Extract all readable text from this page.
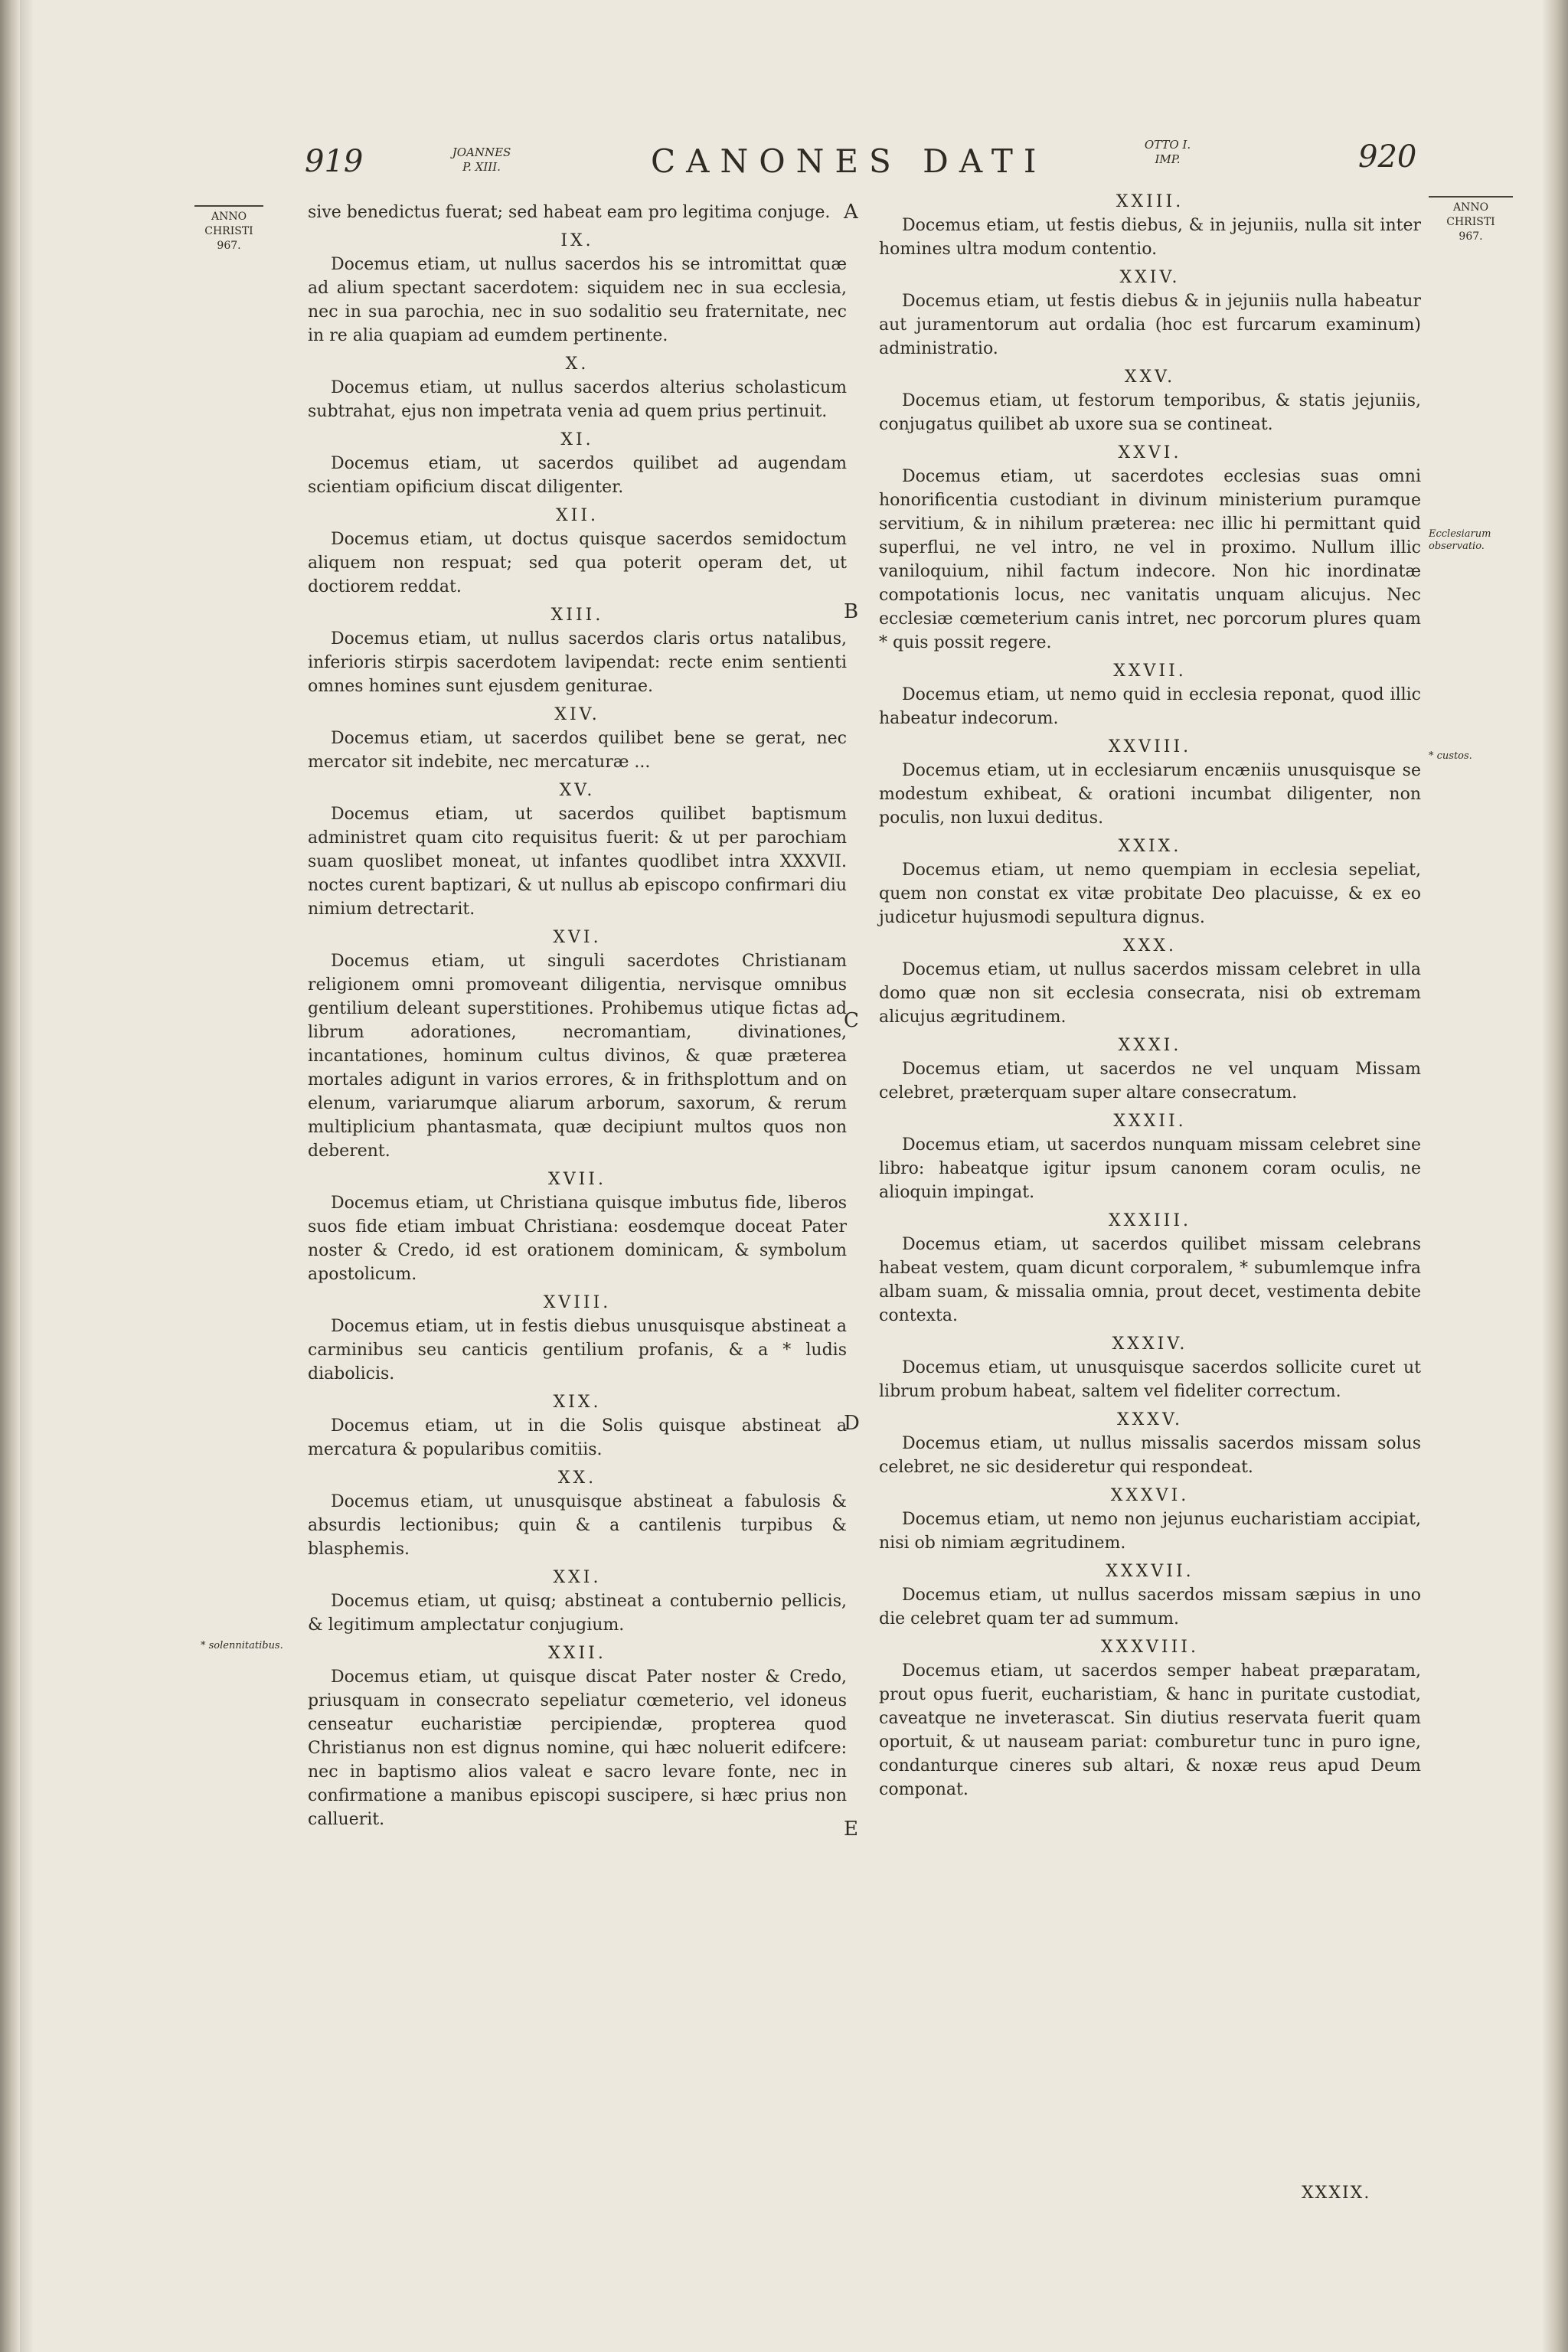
919	JOANNES
P. XIII.	CANONES DATI	OTTO I.
IMP.	920
ANNO
CHRISTI
967.
ANNO
CHRISTI
967.

sive benedictus fuerat; sed habeat eam pro legitima conjuge.

IX.

Docemus etiam, ut nullus sacerdos his se intromittat quæ ad alium spectant sacerdotem: siquidem nec in sua ecclesia, nec in sua parochia, nec in suo sodalitio seu fraternitate, nec in re alia quapiam ad eumdem pertinente.

X.

Docemus etiam, ut nullus sacerdos alterius scholasticum subtrahat, ejus non impetrata venia ad quem prius pertinuit.

XI.

Docemus etiam, ut sacerdos quilibet ad augendam scientiam opificium discat diligenter.

XII.

Docemus etiam, ut doctus quisque sacerdos semidoctum aliquem non respuat; sed qua poterit operam det, ut doctiorem reddat.

XIII.

Docemus etiam, ut nullus sacerdos claris ortus natalibus, inferioris stirpis sacerdotem lavipendat: recte enim sentienti omnes homines sunt ejusdem geniturae.

XIV.

Docemus etiam, ut sacerdos quilibet bene se gerat, nec mercator sit indebite, nec mercaturæ ...

XV.

Docemus etiam, ut sacerdos quilibet baptismum administret quam cito requisitus fuerit: & ut per parochiam suam quoslibet moneat, ut infantes quodlibet intra XXXVII. noctes curent baptizari, & ut nullus ab episcopo confirmari diu nimium detrectarit.

XVI.

Docemus etiam, ut singuli sacerdotes Christianam religionem omni promoveant diligentia, nervisque omnibus gentilium deleant superstitiones. Prohibemus utique fictas ad librum adorationes, necromantiam, divinationes, incantationes, hominum cultus divinos, & quæ præterea mortales adigunt in varios errores, & in frithsplottum and on elenum, variarumque aliarum arborum, saxorum, & rerum multiplicium phantasmata, quæ decipiunt multos quos non deberent.

XVII.

Docemus etiam, ut Christiana quisque imbutus fide, liberos suos fide etiam imbuat Christiana: eosdemque doceat Pater noster & Credo, id est orationem dominicam, & symbolum apostolicum.

XVIII.

Docemus etiam, ut in festis diebus unusquisque abstineat a carminibus seu canticis gentilium profanis, & a * ludis diabolicis.

XIX.

Docemus etiam, ut in die Solis quisque abstineat a mercatura & popularibus comitiis.

XX.

Docemus etiam, ut unusquisque abstineat a fabulosis & absurdis lectionibus; quin & a cantilenis turpibus & blasphemis.

XXI.

Docemus etiam, ut quisq; abstineat a contubernio pellicis, & legitimum amplectatur conjugium.

XXII.

Docemus etiam, ut quisque discat Pater noster & Credo, priusquam in consecrato sepeliatur cœmeterio, vel idoneus censeatur eucharistiæ percipiendæ, propterea quod Christianus non est dignus nomine, qui hæc noluerit edifcere: nec in baptismo alios valeat e sacro levare fonte, nec in confirmatione a manibus episcopi suscipere, si hæc prius non calluerit.

XXIII.

Docemus etiam, ut festis diebus, & in jejuniis, nulla sit inter homines ultra modum contentio.

XXIV.

Docemus etiam, ut festis diebus & in jejuniis nulla habeatur aut juramentorum aut ordalia (hoc est furcarum examinum) administratio.

XXV.

Docemus etiam, ut festorum temporibus, & statis jejuniis, conjugatus quilibet ab uxore sua se contineat.

XXVI.

Docemus etiam, ut sacerdotes ecclesias suas omni honorificentia custodiant in divinum ministerium puramque servitium, & in nihilum præterea: nec illic hi permittant quid superflui, ne vel intro, ne vel in proximo. Nullum illic vaniloquium, nihil factum indecore. Non hic inordinatæ compotationis locus, nec vanitatis unquam alicujus. Nec ecclesiæ cœmeterium canis intret, nec porcorum plures quam * quis possit regere.

XXVII.

Docemus etiam, ut nemo quid in ecclesia reponat, quod illic habeatur indecorum.

XXVIII.

Docemus etiam, ut in ecclesiarum encæniis unusquisque se modestum exhibeat, & orationi incumbat diligenter, non poculis, non luxui deditus.

XXIX.

Docemus etiam, ut nemo quempiam in ecclesia sepeliat, quem non constat ex vitæ probitate Deo placuisse, & ex eo judicetur hujusmodi sepultura dignus.

XXX.

Docemus etiam, ut nullus sacerdos missam celebret in ulla domo quæ non sit ecclesia consecrata, nisi ob extremam alicujus ægritudinem.

XXXI.

Docemus etiam, ut sacerdos ne vel unquam Missam celebret, præterquam super altare consecratum.

XXXII.

Docemus etiam, ut sacerdos nunquam missam celebret sine libro: habeatque igitur ipsum canonem coram oculis, ne alioquin impingat.

XXXIII.

Docemus etiam, ut sacerdos quilibet missam celebrans habeat vestem, quam dicunt corporalem, * subumlemque infra albam suam, & missalia omnia, prout decet, vestimenta debite contexta.

XXXIV.

Docemus etiam, ut unusquisque sacerdos sollicite curet ut librum probum habeat, saltem vel fideliter correctum.

XXXV.

Docemus etiam, ut nullus missalis sacerdos missam solus celebret, ne sic desideretur qui respondeat.

XXXVI.

Docemus etiam, ut nemo non jejunus eucharistiam accipiat, nisi ob nimiam ægritudinem.

XXXVII.

Docemus etiam, ut nullus sacerdos missam sæpius in uno die celebret quam ter ad summum.

XXXVIII.

Docemus etiam, ut sacerdos semper habeat præparatam, prout opus fuerit, eucharistiam, & hanc in puritate custodiat, caveatque ne inveterascat. Sin diutius reservata fuerit quam oportuit, & ut nauseam pariat: comburetur tunc in puro igne, condanturque cineres sub altari, & noxæ reus apud Deum componat.

A
B
C
D
E
* solennitatibus.
Ecclesiarum observatio.
* custos.
XXXIX.
